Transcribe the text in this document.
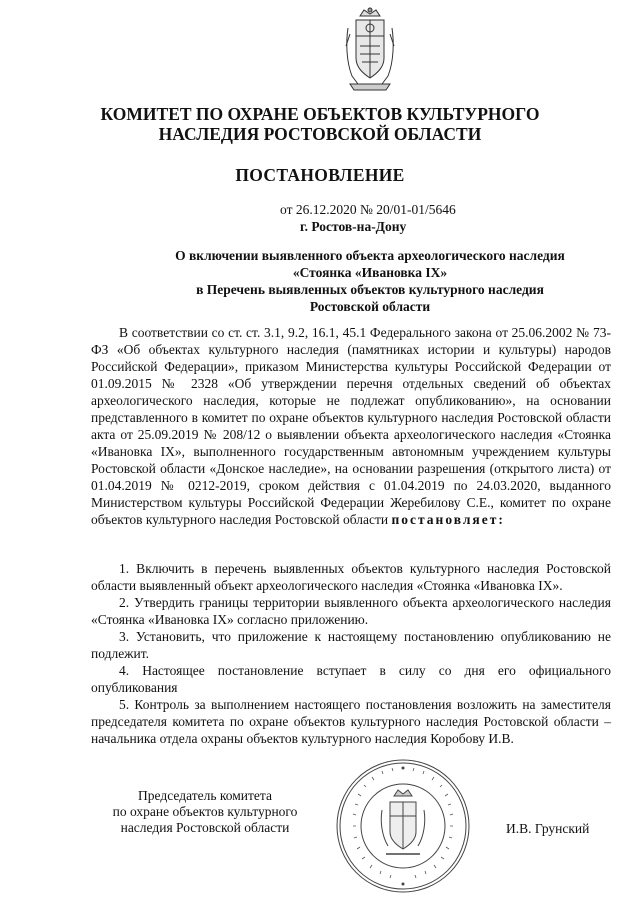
КОМИТЕТ ПО ОХРАНЕ ОБЪЕКТОВ КУЛЬТУРНОГО
НАСЛЕДИЯ РОСТОВСКОЙ ОБЛАСТИ
ПОСТАНОВЛЕНИЕ
от 26.12.2020 № 20/01-01/5646
г. Ростов-на-Дону
О включении выявленного объекта археологического наследия
«Стоянка «Ивановка IX»
в Перечень выявленных объектов культурного наследия
Ростовской области

В соответствии со ст. ст. 3.1, 9.2, 16.1, 45.1 Федерального закона от 25.06.2002 № 73-ФЗ «Об объектах культурного наследия (памятниках истории и культуры) народов Российской Федерации», приказом Министерства культуры Российской Федерации от 01.09.2015 № 2328 «Об утверждении перечня отдельных сведений об объектах археологического наследия, которые не подлежат опубликованию», на основании представленного в комитет по охране объектов культурного наследия Ростовской области акта от 25.09.2019 № 208/12 о выявлении объекта археологического наследия «Стоянка «Ивановка IX», выполненного государственным автономным учреждением культуры Ростовской области «Донское наследие», на основании разрешения (открытого листа) от 01.04.2019 № 0212-2019, сроком действия с 01.04.2019 по 24.03.2020, выданного Министерством культуры Российской Федерации Жеребилову С.Е., комитет по охране объектов культурного наследия Ростовской области постановляет:

1. Включить в перечень выявленных объектов культурного наследия Ростовской области выявленный объект археологического наследия «Стоянка «Ивановка IX».

2. Утвердить границы территории выявленного объекта археологического наследия «Стоянка «Ивановка IX» согласно приложению.

3. Установить, что приложение к настоящему постановлению опубликованию не подлежит.

4. Настоящее постановление вступает в силу со дня его официального опубликования

5. Контроль за выполнением настоящего постановления возложить на заместителя председателя комитета по охране объектов культурного наследия Ростовской области – начальника отдела охраны объектов культурного наследия Коробову И.В.

Председатель комитета
по охране объектов культурного
наследия Ростовской области	И.В. Грунский
